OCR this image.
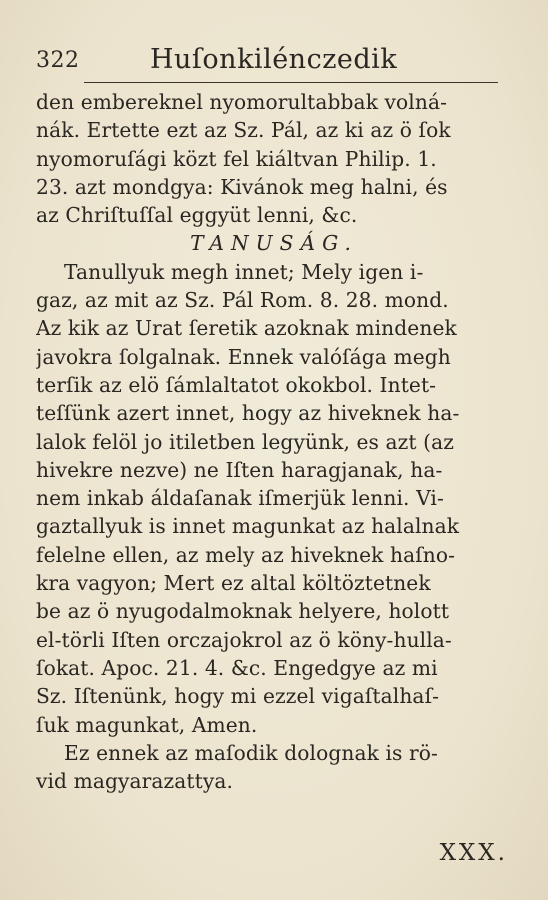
322	Huſonkilénczedik
den embereknel nyomorultabbak volná-
nák. Ertette ezt az Sz. Pál, az ki az ö ſok
nyomoruſági közt fel kiáltvan Philip. 1.
23. azt mondgya: Kivánok meg halni, és
az Chriſtuſſal eggyüt lenni, &c.
TANUSÁG.
Tanullyuk megh innet; Mely igen i-
gaz, az mit az Sz. Pál Rom. 8. 28. mond.
Az kik az Urat ſeretik azoknak mindenek
javokra ſolgalnak. Ennek valóſága megh
terſik az elö ſámlaltatot okokbol. Intet-
teſſünk azert innet, hogy az hiveknek ha-
lalok felöl jo itiletben legyünk, es azt (az
hivekre nezve) ne Iſten haragjanak, ha-
nem inkab áldaſanak iſmerjük lenni. Vi-
gaztallyuk is innet magunkat az halalnak
felelne ellen, az mely az hiveknek haſno-
kra vagyon; Mert ez altal költöztetnek
be az ö nyugodalmoknak helyere, holott
el-törli Iſten orczajokrol az ö köny-hulla-
ſokat. Apoc. 21. 4. &c. Engedgye az mi
Sz. Iſtenünk, hogy mi ezzel vigaſtalhaſ-
ſuk magunkat, Amen.
Ez ennek az maſodik dolognak is rö-
vid magyarazattya.
XXX.
